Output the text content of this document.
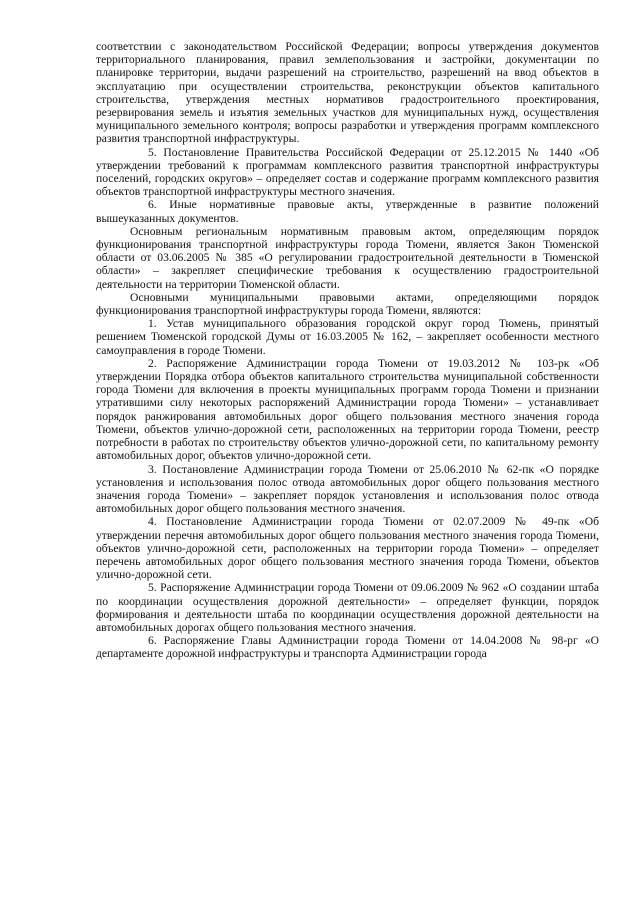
соответствии с законодательством Российской Федерации; вопросы утверждения документов территориального планирования, правил землепользования и застройки, документации по планировке территории, выдачи разрешений на строительство, разрешений на ввод объектов в эксплуатацию при осуществлении строительства, реконструкции объектов капитального строительства, утверждения местных нормативов градостроительного проектирования, резервирования земель и изъятия земельных участков для муниципальных нужд, осуществления муниципального земельного контроля; вопросы разработки и утверждения программ комплексного развития транспортной инфраструктуры.

5. Постановление Правительства Российской Федерации от 25.12.2015 № 1440 «Об утверждении требований к программам комплексного развития транспортной инфраструктуры поселений, городских округов» – определяет состав и содержание программ комплексного развития объектов транспортной инфраструктуры местного значения.

6. Иные нормативные правовые акты, утвержденные в развитие положений вышеуказанных документов.

Основным региональным нормативным правовым актом, определяющим порядок функционирования транспортной инфраструктуры города Тюмени, является Закон Тюменской области от 03.06.2005 № 385 «О регулировании градостроительной деятельности в Тюменской области» – закрепляет специфические требования к осуществлению градостроительной деятельности на территории Тюменской области.

Основными муниципальными правовыми актами, определяющими порядок функционирования транспортной инфраструктуры города Тюмени, являются:

1. Устав муниципального образования городской округ город Тюмень, принятый решением Тюменской городской Думы от 16.03.2005 № 162, – закрепляет особенности местного самоуправления в городе Тюмени.

2. Распоряжение Администрации города Тюмени от 19.03.2012 № 103-рк «Об утверждении Порядка отбора объектов капитального строительства муниципальной собственности города Тюмени для включения в проекты муниципальных программ города Тюмени и признании утратившими силу некоторых распоряжений Администрации города Тюмени» – устанавливает порядок ранжирования автомобильных дорог общего пользования местного значения города Тюмени, объектов улично-дорожной сети, расположенных на территории города Тюмени, реестр потребности в работах по строительству объектов улично-дорожной сети, по капитальному ремонту автомобильных дорог, объектов улично-дорожной сети.

3. Постановление Администрации города Тюмени от 25.06.2010 № 62-пк «О порядке установления и использования полос отвода автомобильных дорог общего пользования местного значения города Тюмени» – закрепляет порядок установления и использования полос отвода автомобильных дорог общего пользования местного значения.

4. Постановление Администрации города Тюмени от 02.07.2009 № 49-пк «Об утверждении перечня автомобильных дорог общего пользования местного значения города Тюмени, объектов улично-дорожной сети, расположенных на территории города Тюмени» – определяет перечень автомобильных дорог общего пользования местного значения города Тюмени, объектов улично-дорожной сети.

5. Распоряжение Администрации города Тюмени от 09.06.2009 № 962 «О создании штаба по координации осуществления дорожной деятельности» – определяет функции, порядок формирования и деятельности штаба по координации осуществления дорожной деятельности на автомобильных дорогах общего пользования местного значения.

6. Распоряжение Главы Администрации города Тюмени от 14.04.2008 № 98-рг «О департаменте дорожной инфраструктуры и транспорта Администрации города
